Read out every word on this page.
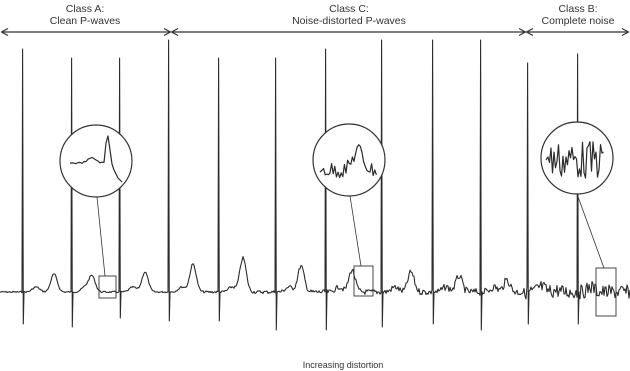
Class A:
Clean P-waves
Class C:
Noise-distorted P-waves
Class B:
Complete noise
Increasing distortion
